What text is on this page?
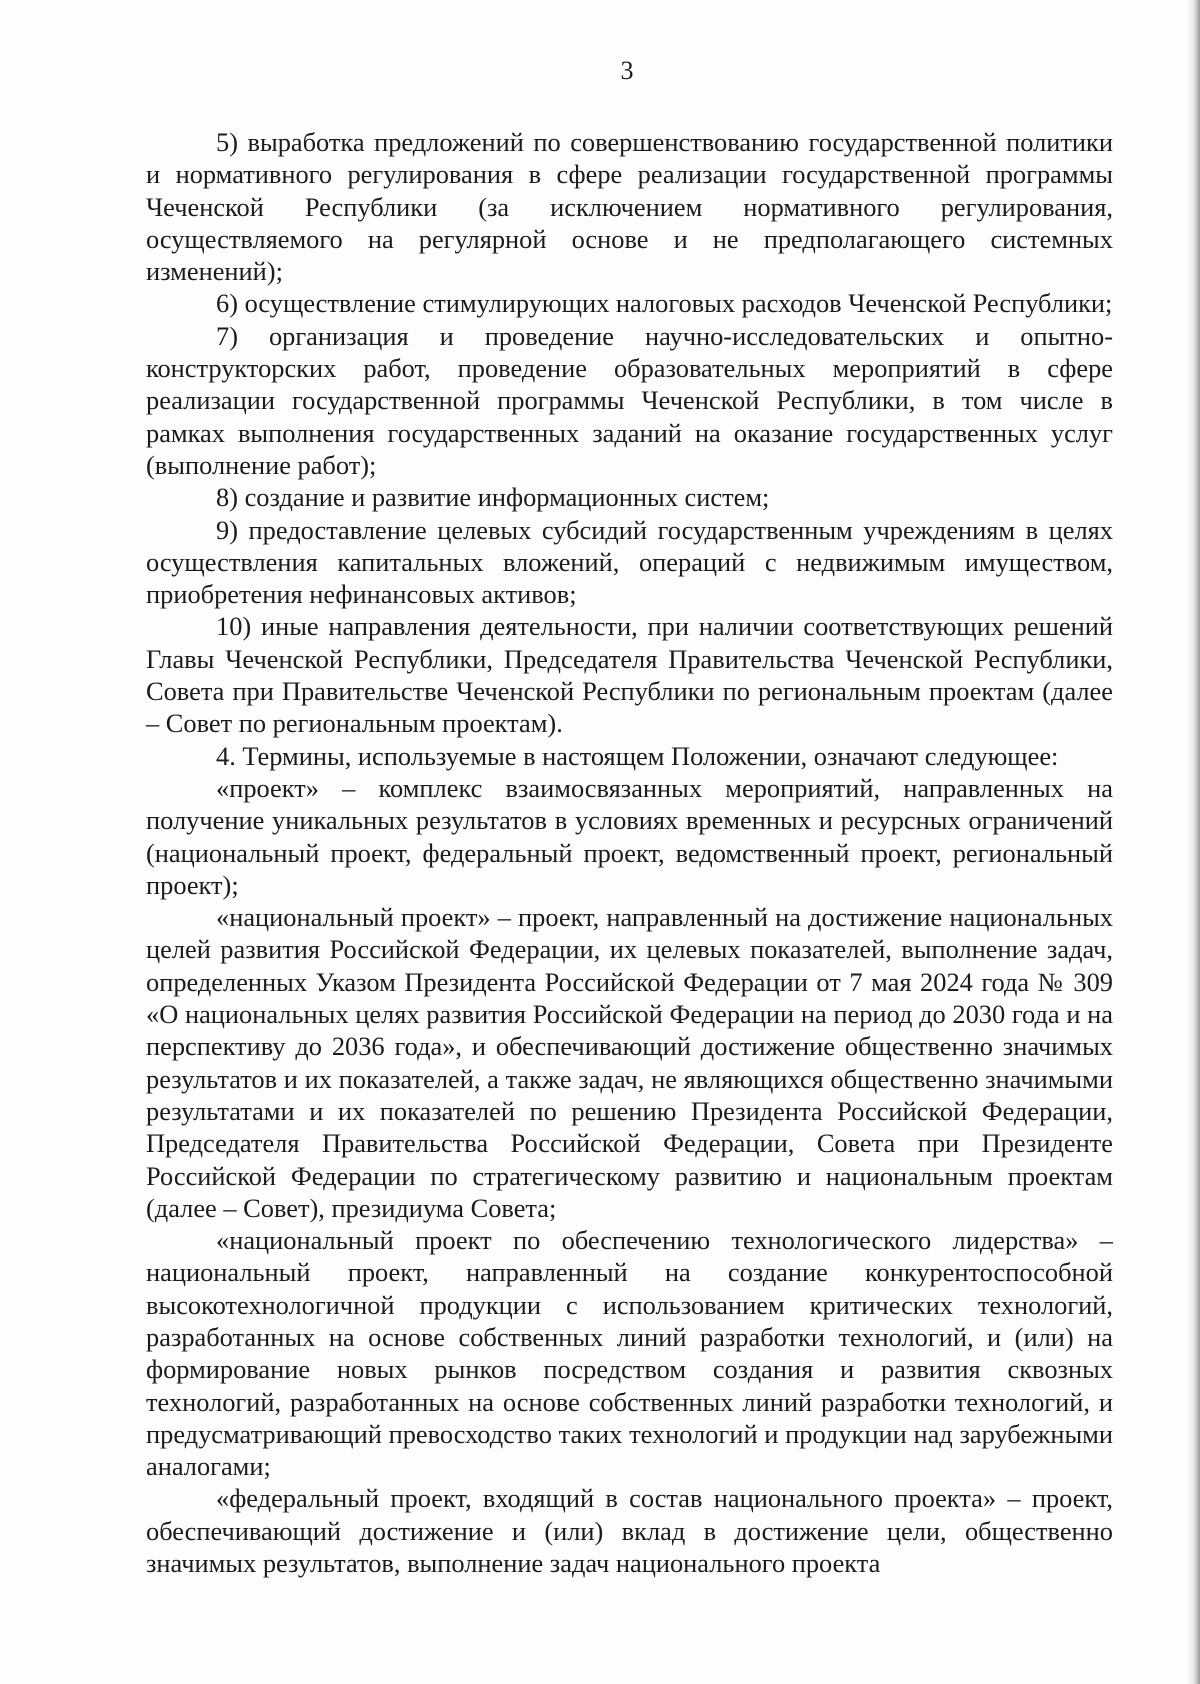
3

5) выработка предложений по совершенствованию государственной политики и нормативного регулирования в сфере реализации государственной программы Чеченской Республики (за исключением нормативного регулирования, осуществляемого на регулярной основе и не предполагающего системных изменений);

6) осуществление стимулирующих налоговых расходов Чеченской Республики;

7) организация и проведение научно-исследовательских и опытно-конструкторских работ, проведение образовательных мероприятий в сфере реализации государственной программы Чеченской Республики, в том числе в рамках выполнения государственных заданий на оказание государственных услуг (выполнение работ);

8) создание и развитие информационных систем;

9) предоставление целевых субсидий государственным учреждениям в целях осуществления капитальных вложений, операций с недвижимым имуществом, приобретения нефинансовых активов;

10) иные направления деятельности, при наличии соответствующих решений Главы Чеченской Республики, Председателя Правительства Чеченской Республики, Совета при Правительстве Чеченской Республики по региональным проектам (далее – Совет по региональным проектам).

4. Термины, используемые в настоящем Положении, означают следующее:

«проект» – комплекс взаимосвязанных мероприятий, направленных на получение уникальных результатов в условиях временных и ресурсных ограничений (национальный проект, федеральный проект, ведомственный проект, региональный проект);

«национальный проект» – проект, направленный на достижение национальных целей развития Российской Федерации, их целевых показателей, выполнение задач, определенных Указом Президента Российской Федерации от 7 мая 2024 года № 309 «О национальных целях развития Российской Федерации на период до 2030 года и на перспективу до 2036 года», и обеспечивающий достижение общественно значимых результатов и их показателей, а также задач, не являющихся общественно значимыми результатами и их показателей по решению Президента Российской Федерации, Председателя Правительства Российской Федерации, Совета при Президенте Российской Федерации по стратегическому развитию и национальным проектам (далее – Совет), президиума Совета;

«национальный проект по обеспечению технологического лидерства» – национальный проект, направленный на создание конкурентоспособной высокотехнологичной продукции с использованием критических технологий, разработанных на основе собственных линий разработки технологий, и (или) на формирование новых рынков посредством создания и развития сквозных технологий, разработанных на основе собственных линий разработки технологий, и предусматривающий превосходство таких технологий и продукции над зарубежными аналогами;

«федеральный проект, входящий в состав национального проекта» – проект, обеспечивающий достижение и (или) вклад в достижение цели, общественно значимых результатов, выполнение задач национального проекта
